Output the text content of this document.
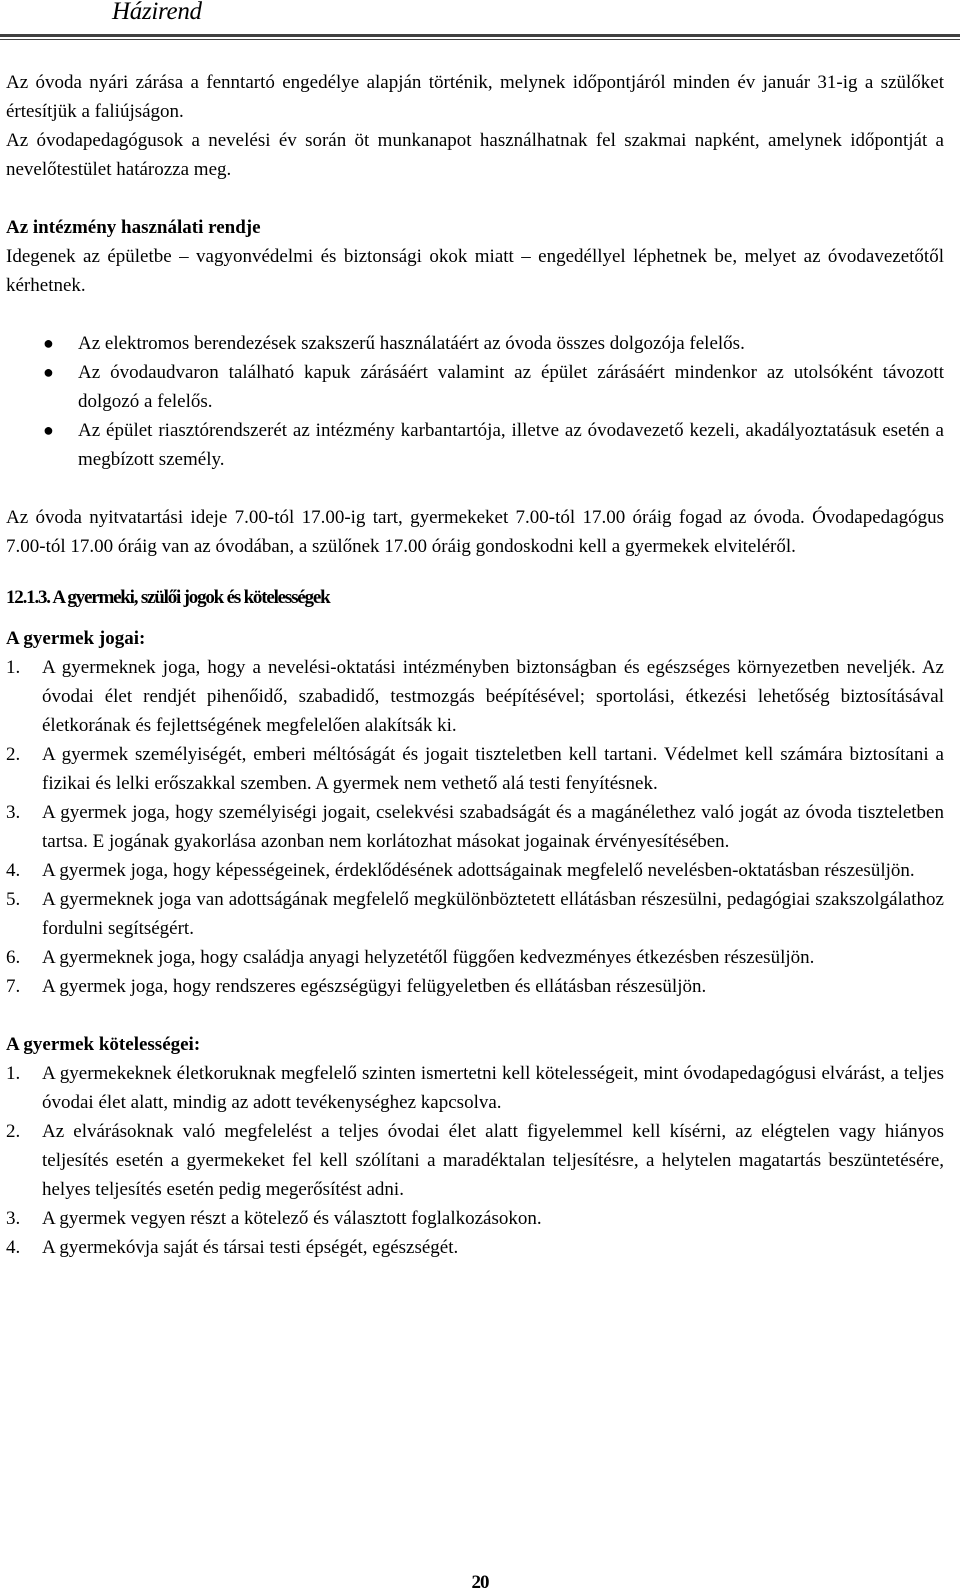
Házirend

Az óvoda nyári zárása a fenntartó engedélye alapján történik, melynek időpontjáról minden év január 31-ig a szülőket értesítjük a faliújságon.

Az óvodapedagógusok a nevelési év során öt munkanapot használhatnak fel szakmai napként, amelynek időpontját a nevelőtestület határozza meg.

Az intézmény használati rendje

Idegenek az épületbe – vagyonvédelmi és biztonsági okok miatt – engedéllyel léphetnek be, melyet az óvodavezetőtől kérhetnek.

● Az elektromos berendezések szakszerű használatáért az óvoda összes dolgozója felelős.
● Az óvodaudvaron található kapuk zárásáért valamint az épület zárásáért mindenkor az utolsóként távozott dolgozó a felelős.
● Az épület riasztórendszerét az intézmény karbantartója, illetve az óvodavezető kezeli, akadályoztatásuk esetén a megbízott személy.

Az óvoda nyitvatartási ideje 7.00-tól 17.00-ig tart, gyermekeket 7.00-tól 17.00 óráig fogad az óvoda. Óvodapedagógus 7.00-tól 17.00 óráig van az óvodában, a szülőnek 17.00 óráig gondoskodni kell a gyermekek elviteléről.

12.1.3. A gyermeki, szülői jogok és kötelességek

A gyermek jogai:

1. A gyermeknek joga, hogy a nevelési-oktatási intézményben biztonságban és egészséges környezetben neveljék. Az óvodai élet rendjét pihenőidő, szabadidő, testmozgás beépítésével; sportolási, étkezési lehetőség biztosításával életkorának és fejlettségének megfelelően alakítsák ki.
2. A gyermek személyiségét, emberi méltóságát és jogait tiszteletben kell tartani. Védelmet kell számára biztosítani a fizikai és lelki erőszakkal szemben. A gyermek nem vethető alá testi fenyítésnek.
3. A gyermek joga, hogy személyiségi jogait, cselekvési szabadságát és a magánélethez való jogát az óvoda tiszteletben tartsa. E jogának gyakorlása azonban nem korlátozhat másokat jogainak érvényesítésében.
4. A gyermek joga, hogy képességeinek, érdeklődésének adottságainak megfelelő nevelésben-oktatásban részesüljön.
5. A gyermeknek joga van adottságának megfelelő megkülönböztetett ellátásban részesülni, pedagógiai szakszolgálathoz fordulni segítségért.
6. A gyermeknek joga, hogy családja anyagi helyzetétől függően kedvezményes étkezésben részesüljön.
7. A gyermek joga, hogy rendszeres egészségügyi felügyeletben és ellátásban részesüljön.

A gyermek kötelességei:

1. A gyermekeknek életkoruknak megfelelő szinten ismertetni kell kötelességeit, mint óvodapedagógusi elvárást, a teljes óvodai élet alatt, mindig az adott tevékenységhez kapcsolva.
2. Az elvárásoknak való megfelelést a teljes óvodai élet alatt figyelemmel kell kísérni, az elégtelen vagy hiányos teljesítés esetén a gyermekeket fel kell szólítani a maradéktalan teljesítésre, a helytelen magatartás beszüntetésére, helyes teljesítés esetén pedig megerősítést adni.
3. A gyermek vegyen részt a kötelező és választott foglalkozásokon.
4. A gyermekóvja saját és társai testi épségét, egészségét.
20
